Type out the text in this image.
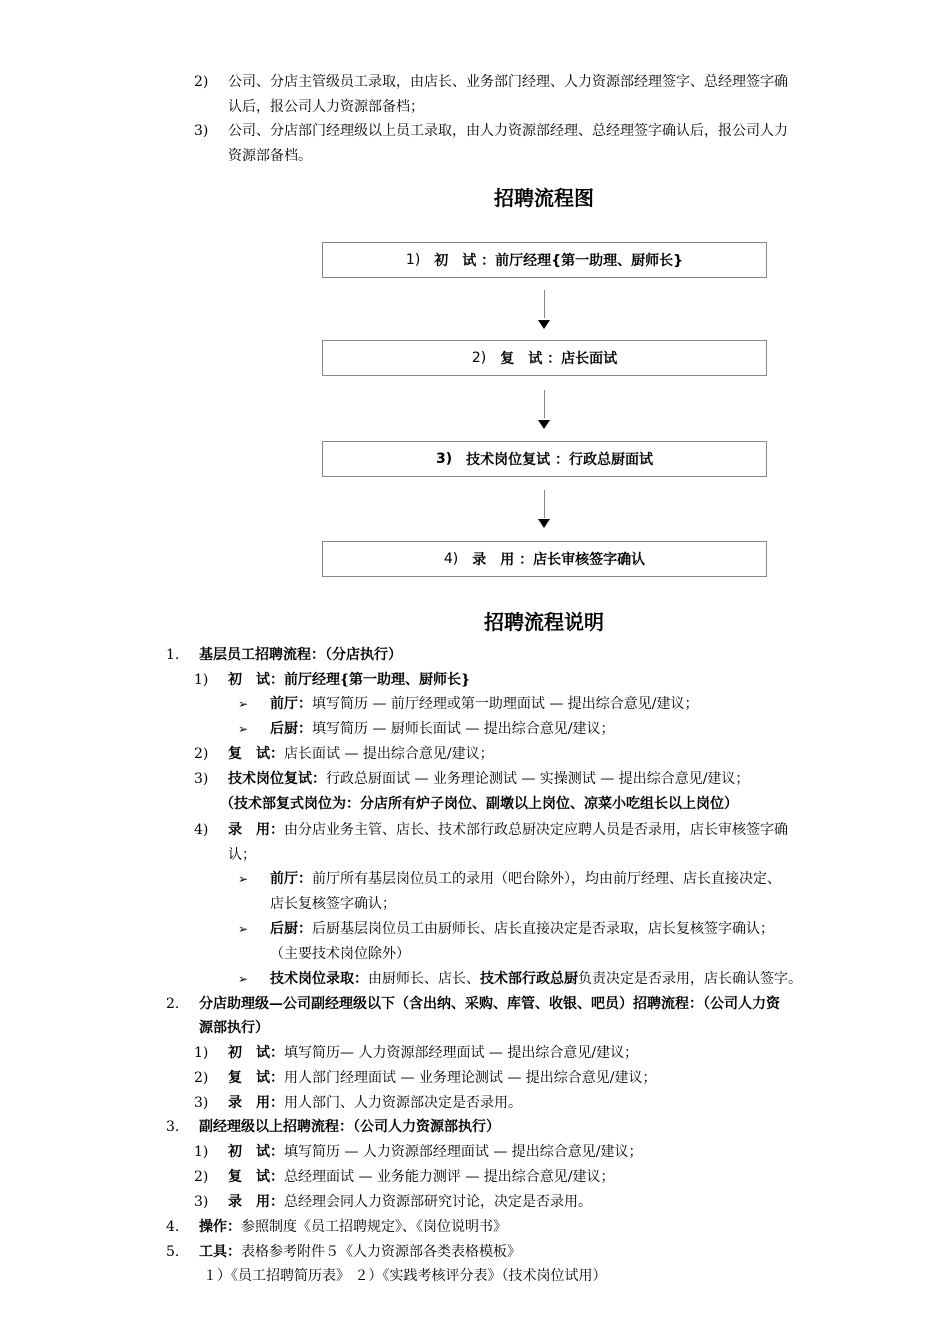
2) 公司、分店主管级员工录取，由店长、业务部门经理、人力资源部经理签字、总经理签字确
认后，报公司人力资源部备档；
3) 公司、分店部门经理级以上员工录取，由人力资源部经理、总经理签字确认后，报公司人力
资源部备档。
招聘流程图
1) 初　试 ：前厅经理{第一助理、厨师长}
2) 复　试 ：店长面试
3) 技术岗位复试 ：行政总厨面试
4) 录　用 ：店长审核签字确认
招聘流程说明
1. 基层员工招聘流程：（分店执行）
1) 初　试：前厅经理{第一助理、厨师长}
➢ 前厅：填写简历 — 前厅经理或第一助理面试 — 提出综合意见/建议；
➢ 后厨：填写简历 — 厨师长面试 — 提出综合意见/建议；
2) 复　试：店长面试 — 提出综合意见/建议；
3) 技术岗位复试：行政总厨面试 — 业务理论测试 — 实操测试 — 提出综合意见/建议；
（技术部复式岗位为：分店所有炉子岗位、副墩以上岗位、凉菜小吃组长以上岗位）
4) 录　用：由分店业务主管、店长、技术部行政总厨决定应聘人员是否录用，店长审核签字确
认；
➢ 前厅：前厅所有基层岗位员工的录用（吧台除外），均由前厅经理、店长直接决定、
店长复核签字确认；
➢ 后厨：后厨基层岗位员工由厨师长、店长直接决定是否录取，店长复核签字确认；
（主要技术岗位除外）
➢ 技术岗位录取：由厨师长、店长、技术部行政总厨负责决定是否录用，店长确认签字。
2. 分店助理级—公司副经理级以下（含出纳、采购、库管、收银、吧员）招聘流程：（公司人力资
源部执行）
1) 初　试：填写简历— 人力资源部经理面试 — 提出综合意见/建议；
2) 复　试：用人部门经理面试 — 业务理论测试 — 提出综合意见/建议；
3) 录　用：用人部门、人力资源部决定是否录用。
3. 副经理级以上招聘流程：（公司人力资源部执行）
1) 初　试：填写简历 — 人力资源部经理面试 — 提出综合意见/建议；
2) 复　试：总经理面试 — 业务能力测评 — 提出综合意见/建议；
3) 录　用：总经理会同人力资源部研究讨论，决定是否录用。
4. 操作：参照制度《员工招聘规定》、《岗位说明书》
5. 工具：表格参考附件５《人力资源部各类表格模板》
１）《员工招聘简历表》 ２）《实践考核评分表》（技术岗位试用）
